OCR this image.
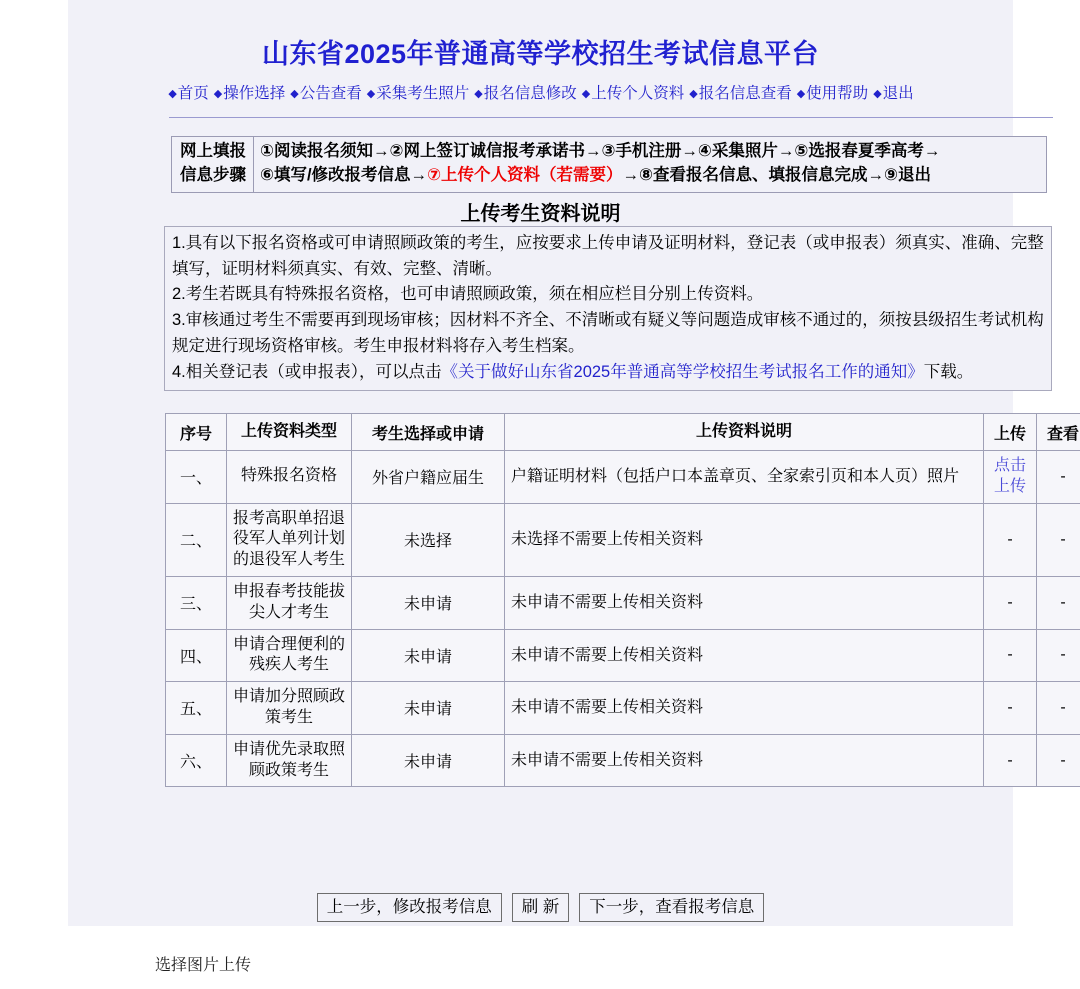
山东省2025年普通高等学校招生考试信息平台
◆首页 ◆操作选择 ◆公告查看 ◆采集考生照片 ◆报名信息修改 ◆上传个人资料 ◆报名信息查看 ◆使用帮助 ◆退出
网上填报
信息步骤
①阅读报名须知→②网上签订诚信报考承诺书→③手机注册→④采集照片→⑤选报春夏季高考→
⑥填写/修改报考信息→⑦上传个人资料（若需要）→⑧查看报名信息、填报信息完成→⑨退出
上传考生资料说明

1.具有以下报名资格或可申请照顾政策的考生，应按要求上传申请及证明材料，登记表（或申报表）须真实、准确、完整填写，证明材料须真实、有效、完整、清晰。

2.考生若既具有特殊报名资格，也可申请照顾政策，须在相应栏目分别上传资料。

3.审核通过考生不需要再到现场审核；因材料不齐全、不清晰或有疑义等问题造成审核不通过的，须按县级招生考试机构规定进行现场资格审核。考生申报材料将存入考生档案。

4.相关登记表（或申报表），可以点击《关于做好山东省2025年普通高等学校招生考试报名工作的通知》下载。

序号	上传资料类型	考生选择或申请	上传资料说明	上传	查看
一、	特殊报名资格	外省户籍应届生	户籍证明材料（包括户口本盖章页、全家索引页和本人页）照片	点击上传	-
二、	报考高职单招退役军人单列计划的退役军人考生	未选择	未选择不需要上传相关资料	-	-
三、	申报春考技能拔尖人才考生	未申请	未申请不需要上传相关资料	-	-
四、	申请合理便利的残疾人考生	未申请	未申请不需要上传相关资料	-	-
五、	申请加分照顾政策考生	未申请	未申请不需要上传相关资料	-	-
六、	申请优先录取照顾政策考生	未申请	未申请不需要上传相关资料	-	-
上一步，修改报考信息 刷 新 下一步，查看报考信息
选择图片上传
